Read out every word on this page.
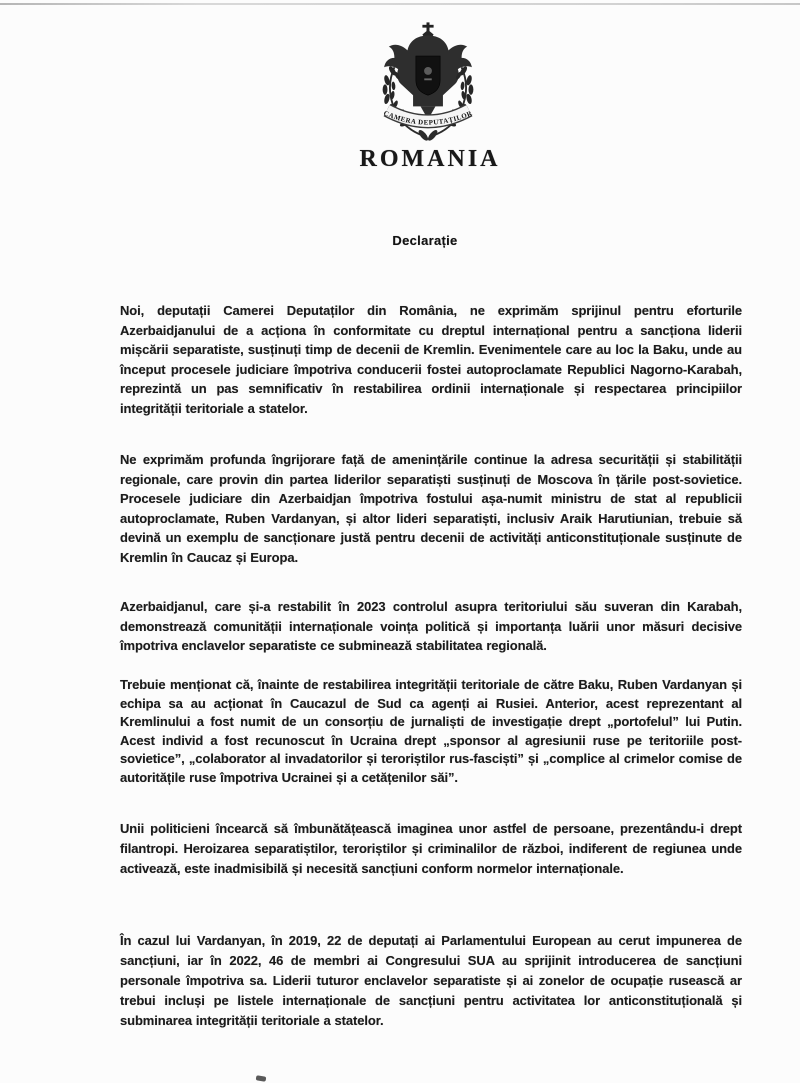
CAMERA DEPUTAȚILOR
ROMANIA
Declarație

Noi, deputații Camerei Deputaților din România, ne exprimăm sprijinul pentru eforturile Azerbaidjanului de a acționa în conformitate cu dreptul internațional pentru a sancționa liderii mișcării separatiste, susținuți timp de decenii de Kremlin. Evenimentele care au loc la Baku, unde au început procesele judiciare împotriva conducerii fostei autoproclamate Republici Nagorno-Karabah, reprezintă un pas semnificativ în restabilirea ordinii internaționale și respectarea principiilor integrității teritoriale a statelor.

Ne exprimăm profunda îngrijorare față de amenințările continue la adresa securității și stabilității regionale, care provin din partea liderilor separatiști susținuți de Moscova în țările post-sovietice. Procesele judiciare din Azerbaidjan împotriva fostului așa-numit ministru de stat al republicii autoproclamate, Ruben Vardanyan, și altor lideri separatiști, inclusiv Araik Harutiunian, trebuie să devină un exemplu de sancționare justă pentru decenii de activități anticonstituționale susținute de Kremlin în Caucaz și Europa.

Azerbaidjanul, care și-a restabilit în 2023 controlul asupra teritoriului său suveran din Karabah, demonstrează comunității internaționale voința politică și importanța luării unor măsuri decisive împotriva enclavelor separatiste ce subminează stabilitatea regională.

Trebuie menționat că, înainte de restabilirea integrității teritoriale de către Baku, Ruben Vardanyan și echipa sa au acționat în Caucazul de Sud ca agenți ai Rusiei. Anterior, acest reprezentant al Kremlinului a fost numit de un consorțiu de jurnaliști de investigație drept „portofelul” lui Putin. Acest individ a fost recunoscut în Ucraina drept „sponsor al agresiunii ruse pe teritoriile post-sovietice”, „colaborator al invadatorilor și teroriștilor rus-fasciști” și „complice al crimelor comise de autoritățile ruse împotriva Ucrainei și a cetățenilor săi”.

Unii politicieni încearcă să îmbunătățească imaginea unor astfel de persoane, prezentându-i drept filantropi. Heroizarea separatiștilor, teroriștilor și criminalilor de război, indiferent de regiunea unde activează, este inadmisibilă și necesită sancțiuni conform normelor internaționale.

În cazul lui Vardanyan, în 2019, 22 de deputați ai Parlamentului European au cerut impunerea de sancțiuni, iar în 2022, 46 de membri ai Congresului SUA au sprijinit introducerea de sancțiuni personale împotriva sa. Liderii tuturor enclavelor separatiste și ai zonelor de ocupație rusească ar trebui incluși pe listele internaționale de sancțiuni pentru activitatea lor anticonstituțională și subminarea integrității teritoriale a statelor.
